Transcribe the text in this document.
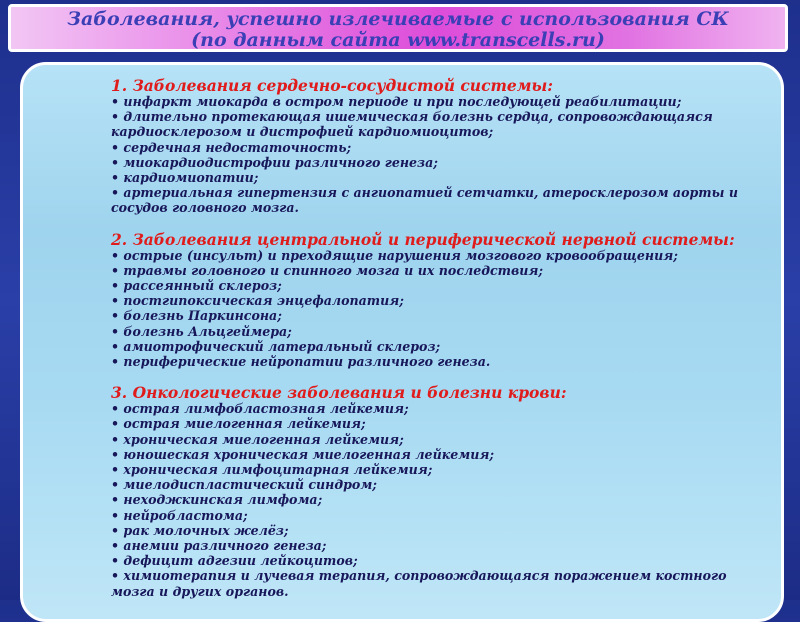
Заболевания, успешно излечиваемые с использования СК
(по данным сайта www.transcells.ru)
1. Заболевания сердечно-сосудистой системы:
• инфаркт миокарда в остром периоде и при последующей реабилитации;
• длительно протекающая ишемическая болезнь сердца, сопровождающаяся кардиосклерозом и дистрофией кардиомиоцитов;
• сердечная недостаточность;
• миокардиодистрофии различного генеза;
• кардиомиопатии;
• артериальная гипертензия с ангиопатией сетчатки, атеросклерозом аорты и сосудов головного мозга.
2. Заболевания центральной и периферической нервной системы:
• острые (инсульт) и преходящие нарушения мозгового кровообращения;
• травмы головного и спинного мозга и их последствия;
• рассеянный склероз;
• постгипоксическая энцефалопатия;
• болезнь Паркинсона;
• болезнь Альцгеймера;
• амиотрофический латеральный склероз;
• периферические нейропатии различного генеза.
3. Онкологические заболевания и болезни крови:
• острая лимфобластозная лейкемия;
• острая миелогенная лейкемия;
• хроническая миелогенная лейкемия;
• юношеская хроническая миелогенная лейкемия;
• хроническая лимфоцитарная лейкемия;
• миелодиспластический синдром;
• неходжкинская лимфома;
• нейробластома;
• рак молочных желёз;
• анемии различного генеза;
• дефицит адгезии лейкоцитов;
• химиотерапия и лучевая терапия, сопровождающаяся поражением костного мозга и других органов.
